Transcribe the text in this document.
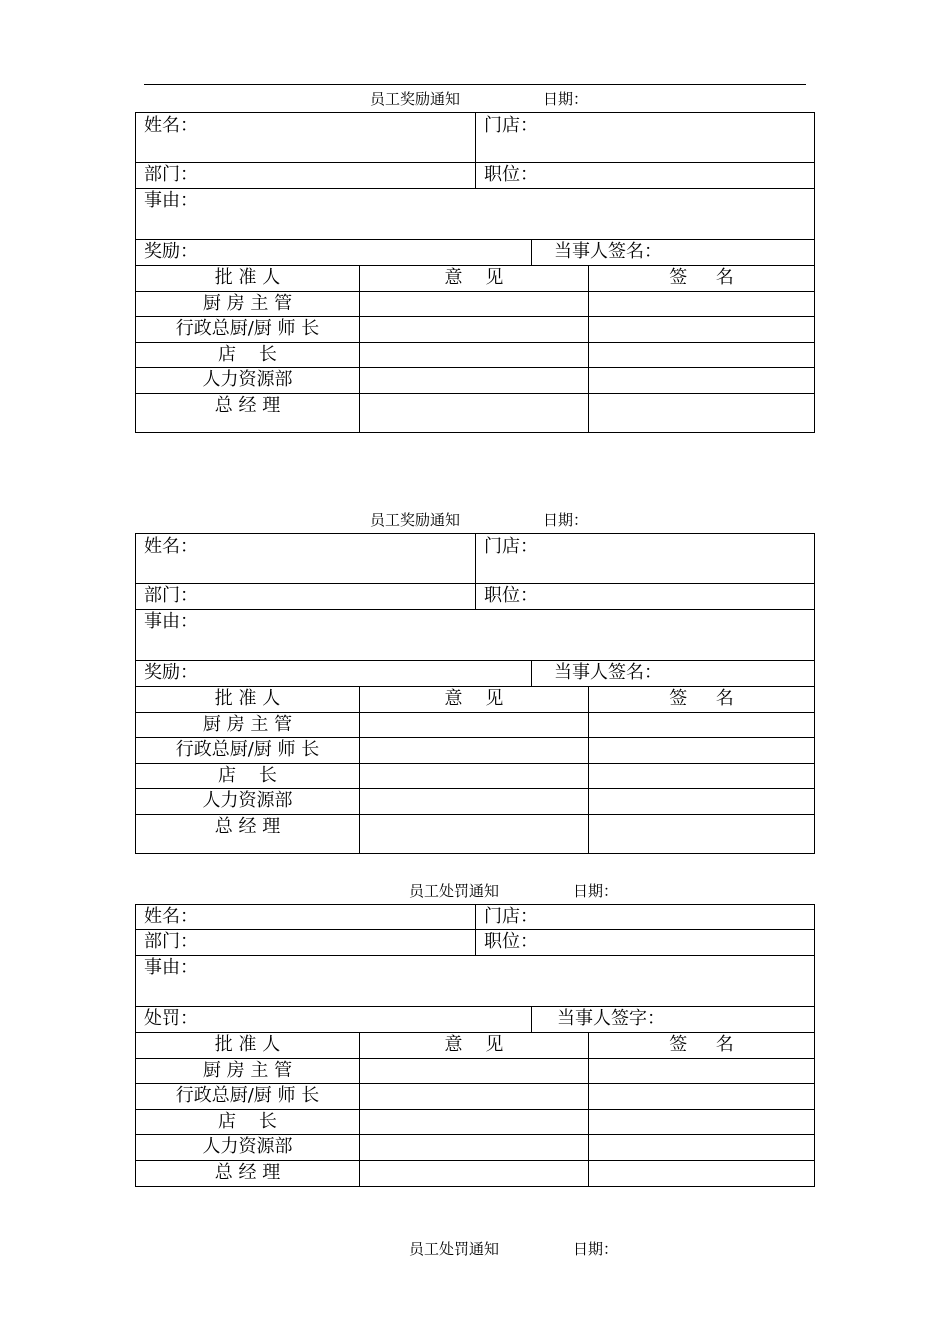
员工奖励通知	日期：
姓名：	门店：
部门：	职位：
事由：
奖励：	当事人签名：
批 准 人	意    见	签     名
厨 房 主 管
行政总厨/厨 师 长
店    长
人力资源部
总 经 理
员工奖励通知	日期：
姓名：	门店：
部门：	职位：
事由：
奖励：	当事人签名：
批 准 人	意    见	签     名
厨 房 主 管
行政总厨/厨 师 长
店    长
人力资源部
总 经 理
员工处罚通知	日期：
姓名：	门店：
部门：	职位：
事由：
处罚：	当事人签字：
批 准 人	意    见	签     名
厨 房 主 管
行政总厨/厨 师 长
店    长
人力资源部
总 经 理
员工处罚通知	日期：
